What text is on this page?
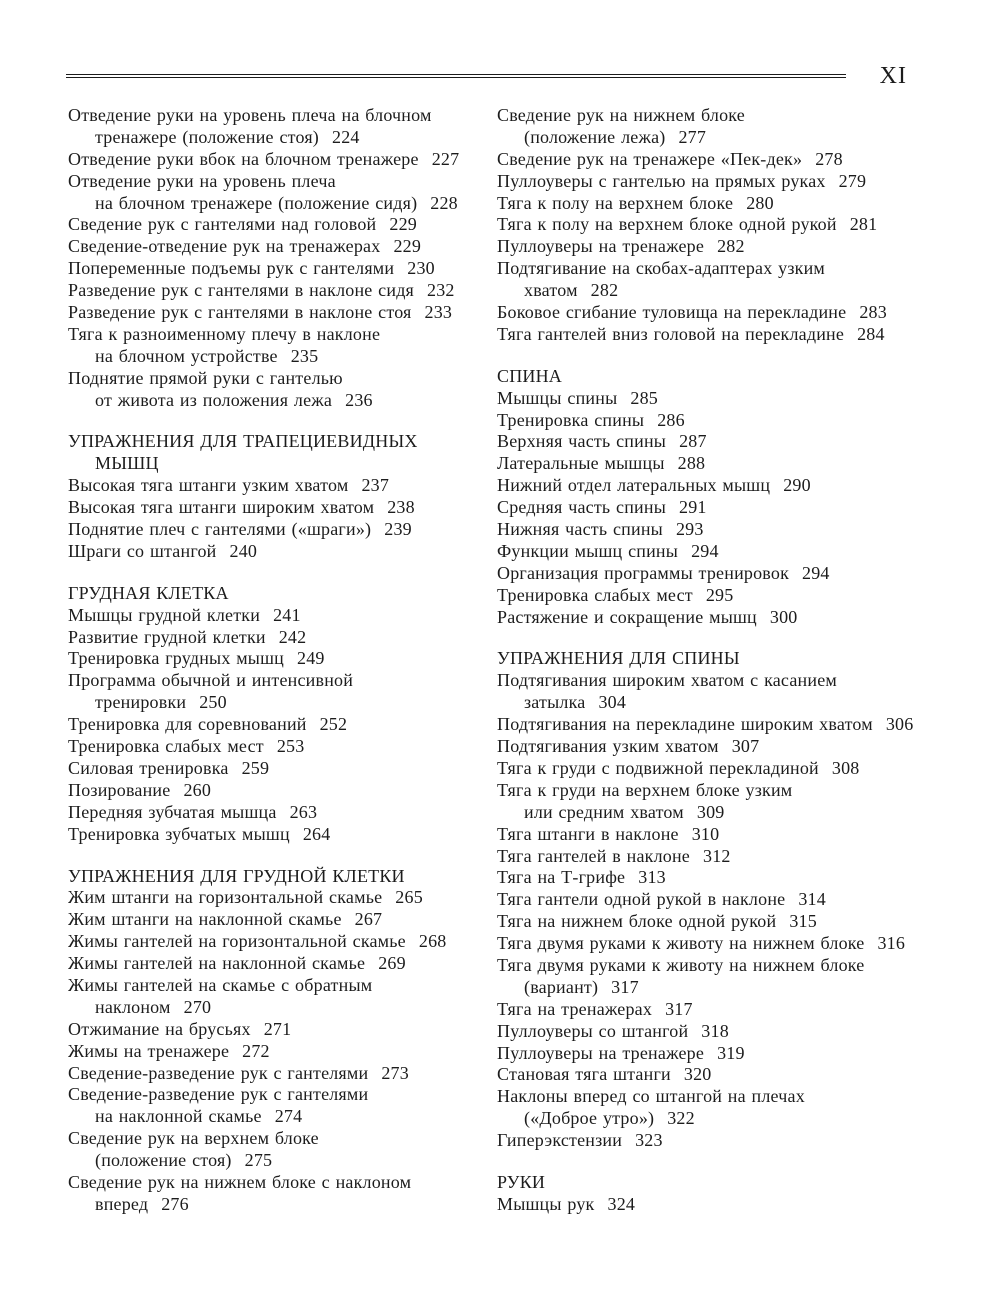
XI
Отведение руки на уровень плеча на блочном
тренажере (положение стоя) 224
Отведение руки вбок на блочном тренажере 227
Отведение руки на уровень плеча
на блочном тренажере (положение сидя) 228
Сведение рук с гантелями над головой 229
Сведение-отведение рук на тренажерах 229
Попеременные подъемы рук с гантелями 230
Разведение рук с гантелями в наклоне сидя 232
Разведение рук с гантелями в наклоне стоя 233
Тяга к разноименному плечу в наклоне
на блочном устройстве 235
Поднятие прямой руки с гантелью
от живота из положения лежа 236
УПРАЖНЕНИЯ ДЛЯ ТРАПЕЦИЕВИДНЫХ
МЫШЦ
Высокая тяга штанги узким хватом 237
Высокая тяга штанги широким хватом 238
Поднятие плеч с гантелями («шраги») 239
Шраги со штангой 240
ГРУДНАЯ КЛЕТКА
Мышцы грудной клетки 241
Развитие грудной клетки 242
Тренировка грудных мышц 249
Программа обычной и интенсивной
тренировки 250
Тренировка для соревнований 252
Тренировка слабых мест 253
Силовая тренировка 259
Позирование 260
Передняя зубчатая мышца 263
Тренировка зубчатых мышц 264
УПРАЖНЕНИЯ ДЛЯ ГРУДНОЙ КЛЕТКИ
Жим штанги на горизонтальной скамье 265
Жим штанги на наклонной скамье 267
Жимы гантелей на горизонтальной скамье 268
Жимы гантелей на наклонной скамье 269
Жимы гантелей на скамье с обратным
наклоном 270
Отжимание на брусьях 271
Жимы на тренажере 272
Сведение-разведение рук с гантелями 273
Сведение-разведение рук с гантелями
на наклонной скамье 274
Сведение рук на верхнем блоке
(положение стоя) 275
Сведение рук на нижнем блоке с наклоном
вперед 276
Сведение рук на нижнем блоке
(положение лежа) 277
Сведение рук на тренажере «Пек-дек» 278
Пуллоуверы с гантелью на прямых руках 279
Тяга к полу на верхнем блоке 280
Тяга к полу на верхнем блоке одной рукой 281
Пуллоуверы на тренажере 282
Подтягивание на скобах-адаптерах узким
хватом 282
Боковое сгибание туловища на перекладине 283
Тяга гантелей вниз головой на перекладине 284
СПИНА
Мышцы спины 285
Тренировка спины 286
Верхняя часть спины 287
Латеральные мышцы 288
Нижний отдел латеральных мышц 290
Средняя часть спины 291
Нижняя часть спины 293
Функции мышц спины 294
Организация программы тренировок 294
Тренировка слабых мест 295
Растяжение и сокращение мышц 300
УПРАЖНЕНИЯ ДЛЯ СПИНЫ
Подтягивания широким хватом с касанием
затылка 304
Подтягивания на перекладине широким хватом 306
Подтягивания узким хватом 307
Тяга к груди с подвижной перекладиной 308
Тяга к груди на верхнем блоке узким
или средним хватом 309
Тяга штанги в наклоне 310
Тяга гантелей в наклоне 312
Тяга на Т-грифе 313
Тяга гантели одной рукой в наклоне 314
Тяга на нижнем блоке одной рукой 315
Тяга двумя руками к животу на нижнем блоке 316
Тяга двумя руками к животу на нижнем блоке
(вариант) 317
Тяга на тренажерах 317
Пуллоуверы со штангой 318
Пуллоуверы на тренажере 319
Становая тяга штанги 320
Наклоны вперед со штангой на плечах
(«Доброе утро») 322
Гиперэкстензии 323
РУКИ
Мышцы рук 324
